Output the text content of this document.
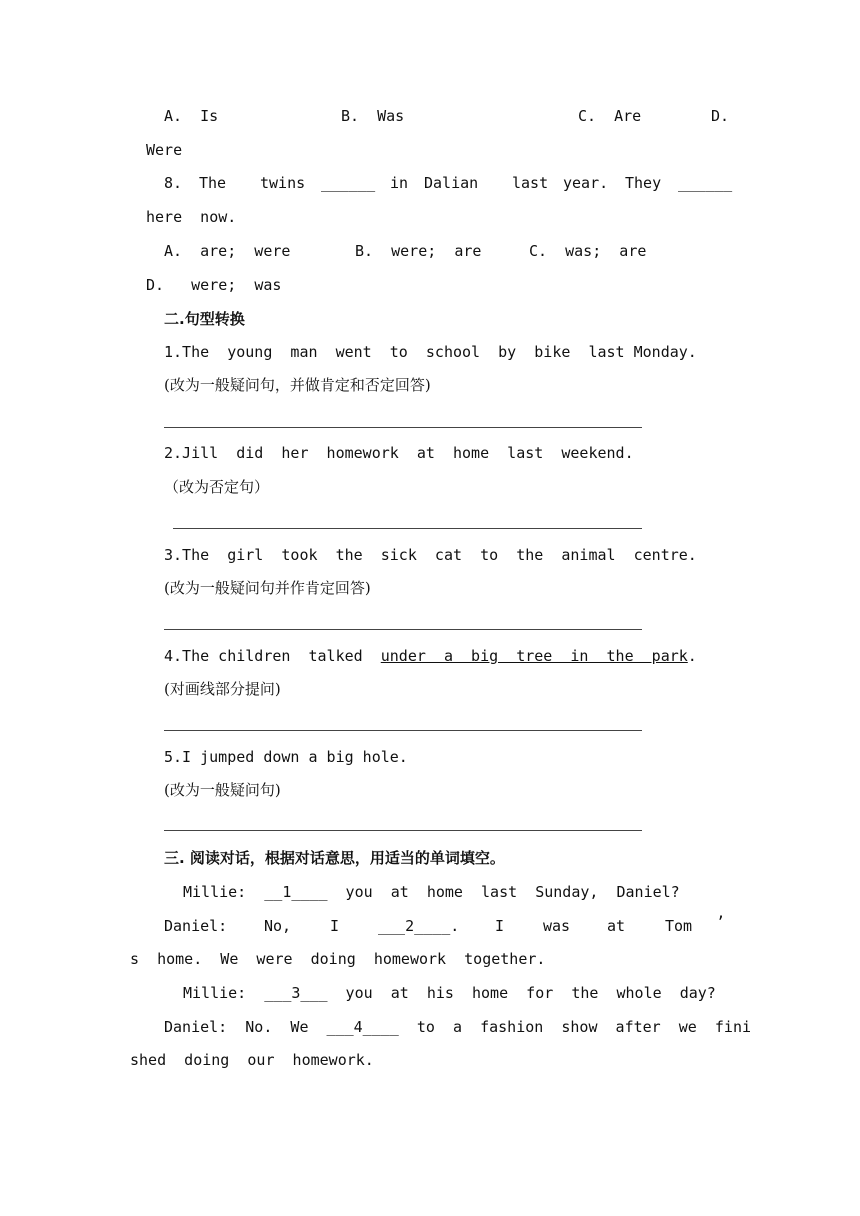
A.  Is	B.  Was	C.  Are	D.
Were
8. The twins ______ in Dalian last year. They ______
here  now.
A.  are;  were	B.  were;  are	C.  was;  are
D.   were;  was
二.句型转换
1.The  young  man  went  to  school  by  bike  last Monday.
(改为一般疑问句，并做肯定和否定回答)
2.Jill  did  her  homework  at  home  last  weekend.
（改为否定句）
3.The  girl  took  the  sick  cat  to  the  animal  centre.
(改为一般疑问句并作肯定回答)
4.The children  talked  under  a  big  tree  in  the  park.
(对画线部分提问)
5.I jumped down a big hole.
(改为一般疑问句)
三. 阅读对话，根据对话意思，用适当的单词填空。
Millie:  __1____  you  at  home  last  Sunday,  Daniel?
Daniel: No,	I	___2____. I	was at	Tom ’
s  home.  We  were  doing  homework  together.
Millie:  ___3___  you  at  his  home  for  the  whole  day?
Daniel:  No.  We  ___4____  to  a  fashion  show  after  we  fini
shed  doing  our  homework.
